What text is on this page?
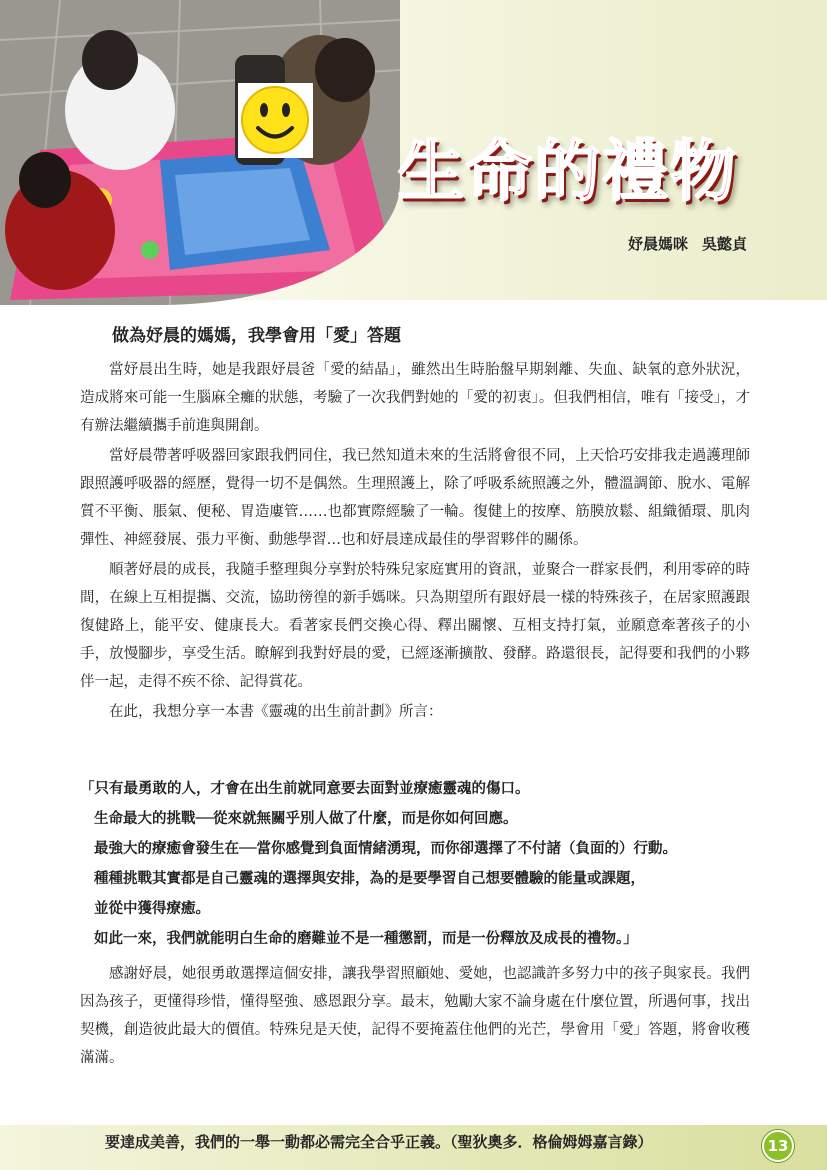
生命的禮物
妤晨媽咪 吳懿貞
做為妤晨的媽媽，我學會用「愛」答題

當妤晨出生時，她是我跟妤晨爸「愛的結晶」，雖然出生時胎盤早期剝離、失血、缺氧的意外狀況，造成將來可能一生腦麻全癱的狀態，考驗了一次我們對她的「愛的初衷」。但我們相信，唯有「接受」，才有辦法繼續攜手前進與開創。

當妤晨帶著呼吸器回家跟我們同住，我已然知道未來的生活將會很不同，上天恰巧安排我走過護理師跟照護呼吸器的經歷，覺得一切不是偶然。生理照護上，除了呼吸系統照護之外，體溫調節、脫水、電解質不平衡、脹氣、便秘、胃造廔管……也都實際經驗了一輪。復健上的按摩、筋膜放鬆、組織循環、肌肉彈性、神經發展、張力平衡、動態學習…也和妤晨達成最佳的學習夥伴的關係。

順著妤晨的成長，我隨手整理與分享對於特殊兒家庭實用的資訊，並聚合一群家長們，利用零碎的時間，在線上互相提攜、交流，協助徬徨的新手媽咪。只為期望所有跟妤晨一樣的特殊孩子，在居家照護跟復健路上，能平安、健康長大。看著家長們交換心得、釋出關懷、互相支持打氣，並願意牽著孩子的小手，放慢腳步，享受生活。瞭解到我對妤晨的愛，已經逐漸擴散、發酵。路還很長，記得要和我們的小夥伴一起，走得不疾不徐、記得賞花。

在此，我想分享一本書《靈魂的出生前計劃》所言：

「只有最勇敢的人，才會在出生前就同意要去面對並療癒靈魂的傷口。
生命最大的挑戰──從來就無關乎別人做了什麼，而是你如何回應。
最強大的療癒會發生在──當你感覺到負面情緒湧現，而你卻選擇了不付諸（負面的）行動。
種種挑戰其實都是自己靈魂的選擇與安排，為的是要學習自己想要體驗的能量或課題，
並從中獲得療癒。
如此一來，我們就能明白生命的磨難並不是一種懲罰，而是一份釋放及成長的禮物。」

感謝妤晨，她很勇敢選擇這個安排，讓我學習照顧她、愛她，也認識許多努力中的孩子與家長。我們因為孩子，更懂得珍惜，懂得堅強、感恩跟分享。最末，勉勵大家不論身處在什麼位置，所遇何事，找出契機，創造彼此最大的價值。特殊兒是天使，記得不要掩蓋住他們的光芒，學會用「愛」答題，將會收穫滿滿。

要達成美善，我們的一舉一動都必需完全合乎正義。（聖狄奧多．格倫姆姆嘉言錄）	13
